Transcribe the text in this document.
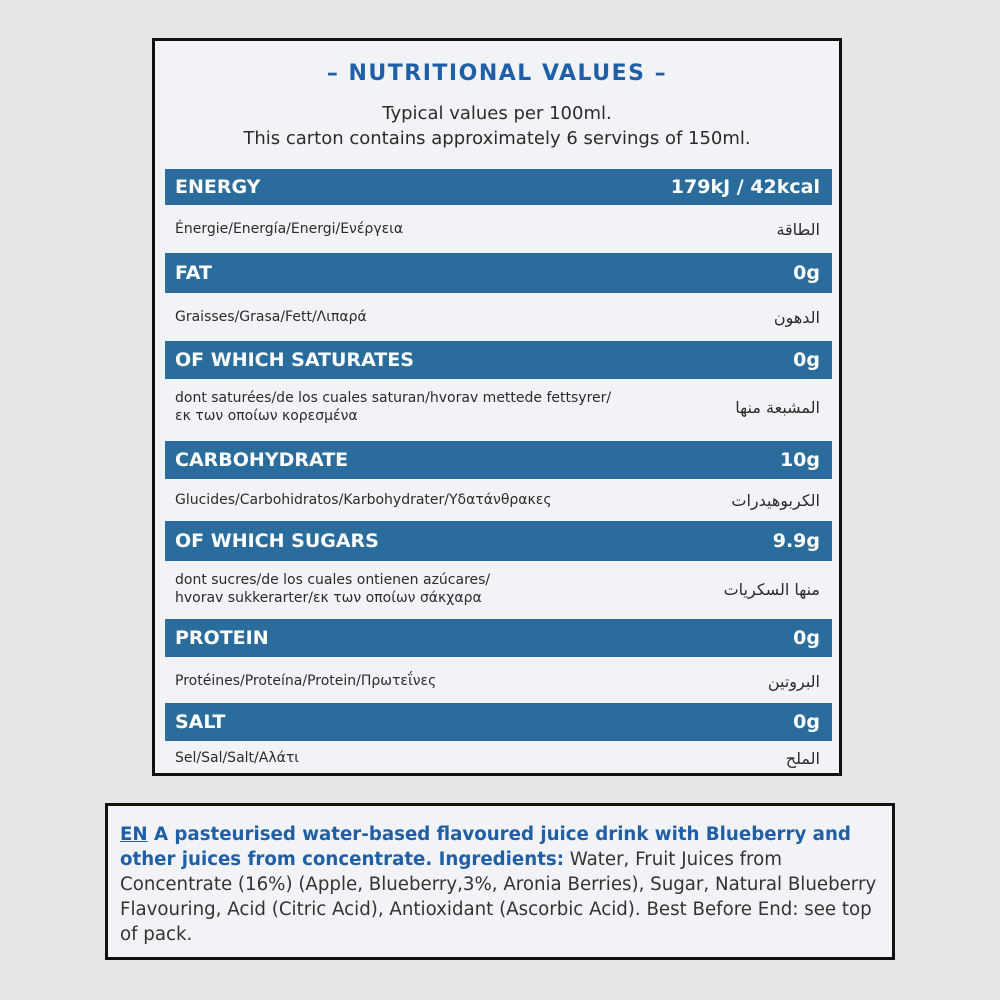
– NUTRITIONAL VALUES –
Typical values per 100ml.
This carton contains approximately 6 servings of 150ml.
ENERGY	179kJ / 42kcal
Énergie/Energía/Energi/Ενέργεια	الطاقة
FAT	0g
Graisses/Grasa/Fett/Λιπαρά	الدهون
OF WHICH SATURATES	0g
dont saturées/de los cuales saturan/hvorav mettede fettsyrer/
εκ των οποίων κορεσμένα	المشبعة منها
CARBOHYDRATE	10g
Glucides/Carbohidratos/Karbohydrater/Υδατάνθρακες	الكربوهيدرات
OF WHICH SUGARS	9.9g
dont sucres/de los cuales ontienen azúcares/
hvorav sukkerarter/εκ των οποίων σάκχαρα	منها السكريات
PROTEIN	0g
Protéines/Proteína/Protein/Πρωτεΐνες	البروتين
SALT	0g
Sel/Sal/Salt/Αλάτι	الملح
EN A pasteurised water-based flavoured juice drink with Blueberry and other juices from concentrate. Ingredients: Water, Fruit Juices from Concentrate (16%) (Apple, Blueberry,3%, Aronia Berries), Sugar, Natural Blueberry Flavouring, Acid (Citric Acid), Antioxidant (Ascorbic Acid). Best Before End: see top of pack.
